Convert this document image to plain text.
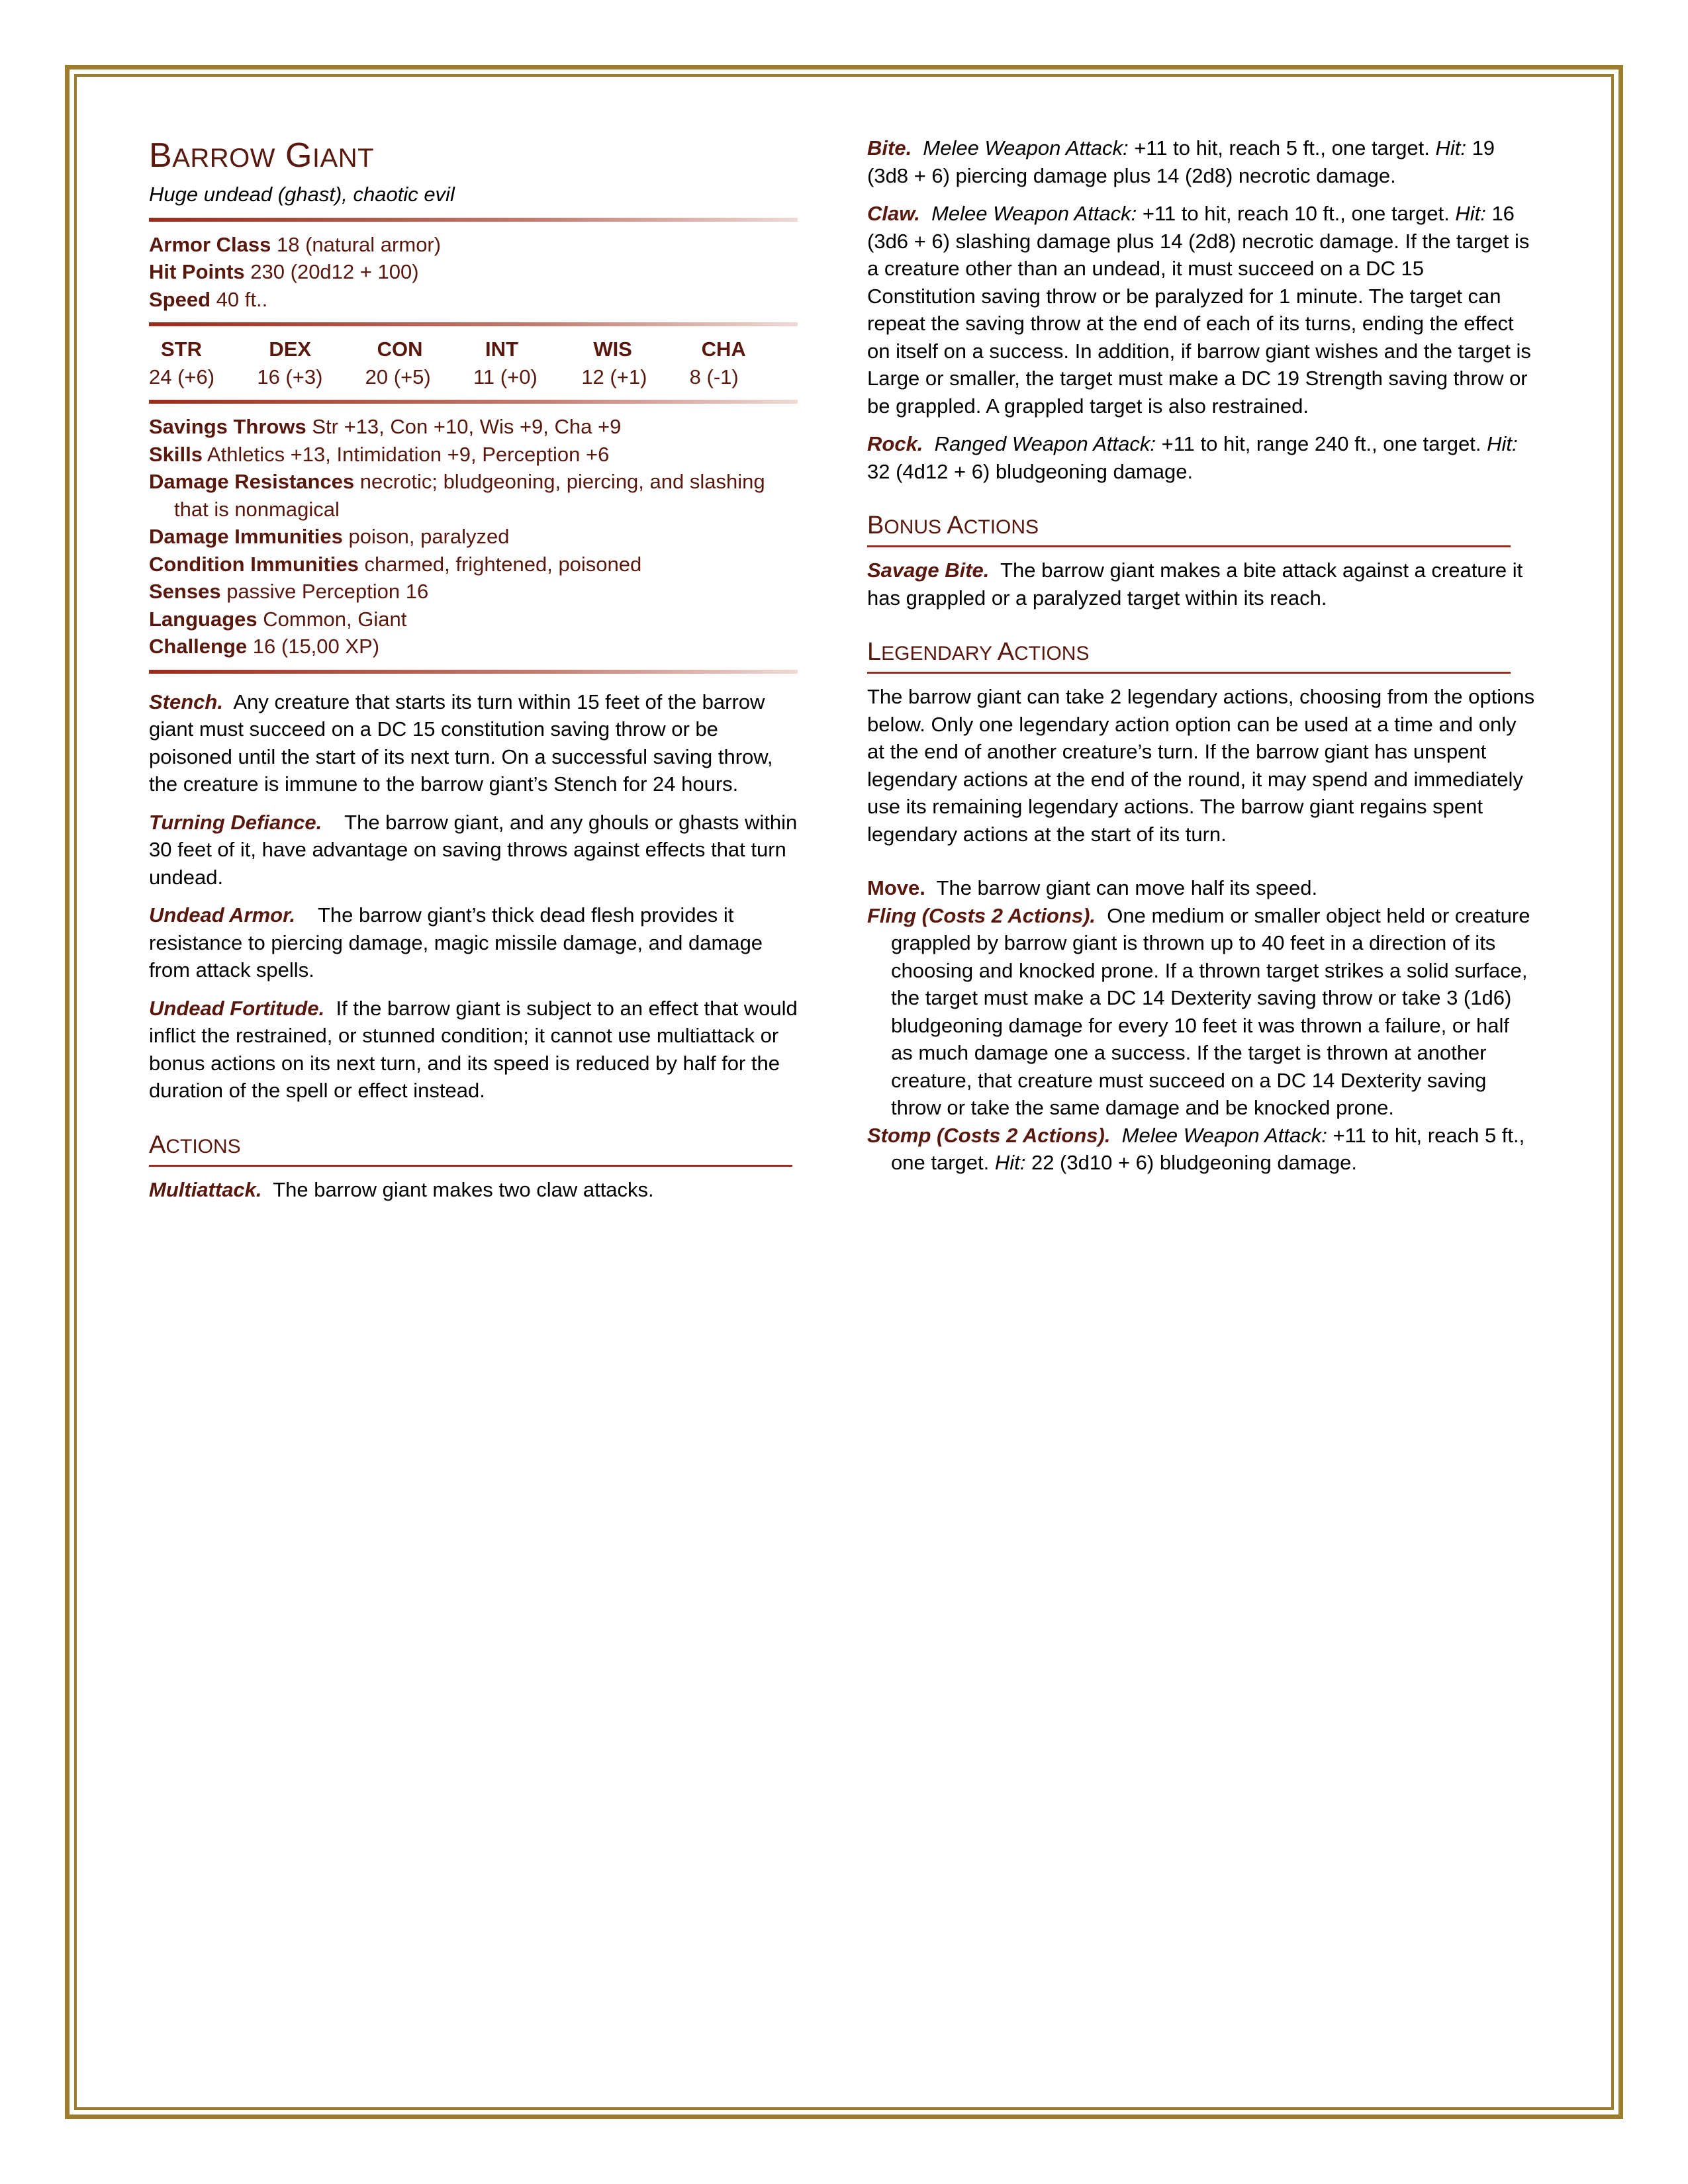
BARROW GIANT

Huge undead (ghast), chaotic evil

Armor Class 18 (natural armor)

Hit Points 230 (20d12 + 100)

Speed 40 ft..

STR
24 (+6)
DEX
16 (+3)
CON
20 (+5)
INT
11 (+0)
WIS
12 (+1)
CHA
8 (-1)

Savings Throws Str +13, Con +10, Wis +9, Cha +9

Skills Athletics +13, Intimidation +9, Perception +6

Damage Resistances necrotic; bludgeoning, piercing, and slashing that is nonmagical

Damage Immunities poison, paralyzed

Condition Immunities charmed, frightened, poisoned

Senses passive Perception 16

Languages Common, Giant

Challenge 16 (15,00 XP)

Stench. Any creature that starts its turn within 15 feet of the barrow giant must succeed on a DC 15 constitution saving throw or be poisoned until the start of its next turn. On a successful saving throw, the creature is immune to the barrow giant’s Stench for 24 hours.

Turning Defiance. The barrow giant, and any ghouls or ghasts within 30 feet of it, have advantage on saving throws against effects that turn undead.

Undead Armor. The barrow giant’s thick dead flesh provides it resistance to piercing damage, magic missile damage, and damage from attack spells.

Undead Fortitude. If the barrow giant is subject to an effect that would inflict the restrained, or stunned condition; it cannot use multiattack or bonus actions on its next turn, and its speed is reduced by half for the duration of the spell or effect instead.

ACTIONS

Multiattack. The barrow giant makes two claw attacks.

Bite. Melee Weapon Attack: +11 to hit, reach 5 ft., one target. Hit: 19 (3d8 + 6) piercing damage plus 14 (2d8) necrotic damage.

Claw. Melee Weapon Attack: +11 to hit, reach 10 ft., one target. Hit: 16 (3d6 + 6) slashing damage plus 14 (2d8) necrotic damage. If the target is a creature other than an undead, it must succeed on a DC 15 Constitution saving throw or be paralyzed for 1 minute. The target can repeat the saving throw at the end of each of its turns, ending the effect on itself on a success. In addition, if barrow giant wishes and the target is Large or smaller, the target must make a DC 19 Strength saving throw or be grappled. A grappled target is also restrained.

Rock. Ranged Weapon Attack: +11 to hit, range 240 ft., one target. Hit: 32 (4d12 + 6) bludgeoning damage.

BONUS ACTIONS

Savage Bite. The barrow giant makes a bite attack against a creature it has grappled or a paralyzed target within its reach.

LEGENDARY ACTIONS

The barrow giant can take 2 legendary actions, choosing from the options below. Only one legendary action option can be used at a time and only at the end of another creature’s turn. If the barrow giant has unspent legendary actions at the end of the round, it may spend and immediately use its remaining legendary actions. The barrow giant regains spent legendary actions at the start of its turn.

Move. The barrow giant can move half its speed.

Fling (Costs 2 Actions). One medium or smaller object held or creature grappled by barrow giant is thrown up to 40 feet in a direction of its choosing and knocked prone. If a thrown target strikes a solid surface, the target must make a DC 14 Dexterity saving throw or take 3 (1d6) bludgeoning damage for every 10 feet it was thrown a failure, or half as much damage one a success. If the target is thrown at another creature, that creature must succeed on a DC 14 Dexterity saving throw or take the same damage and be knocked prone.

Stomp (Costs 2 Actions). Melee Weapon Attack: +11 to hit, reach 5 ft., one target. Hit: 22 (3d10 + 6) bludgeoning damage.
